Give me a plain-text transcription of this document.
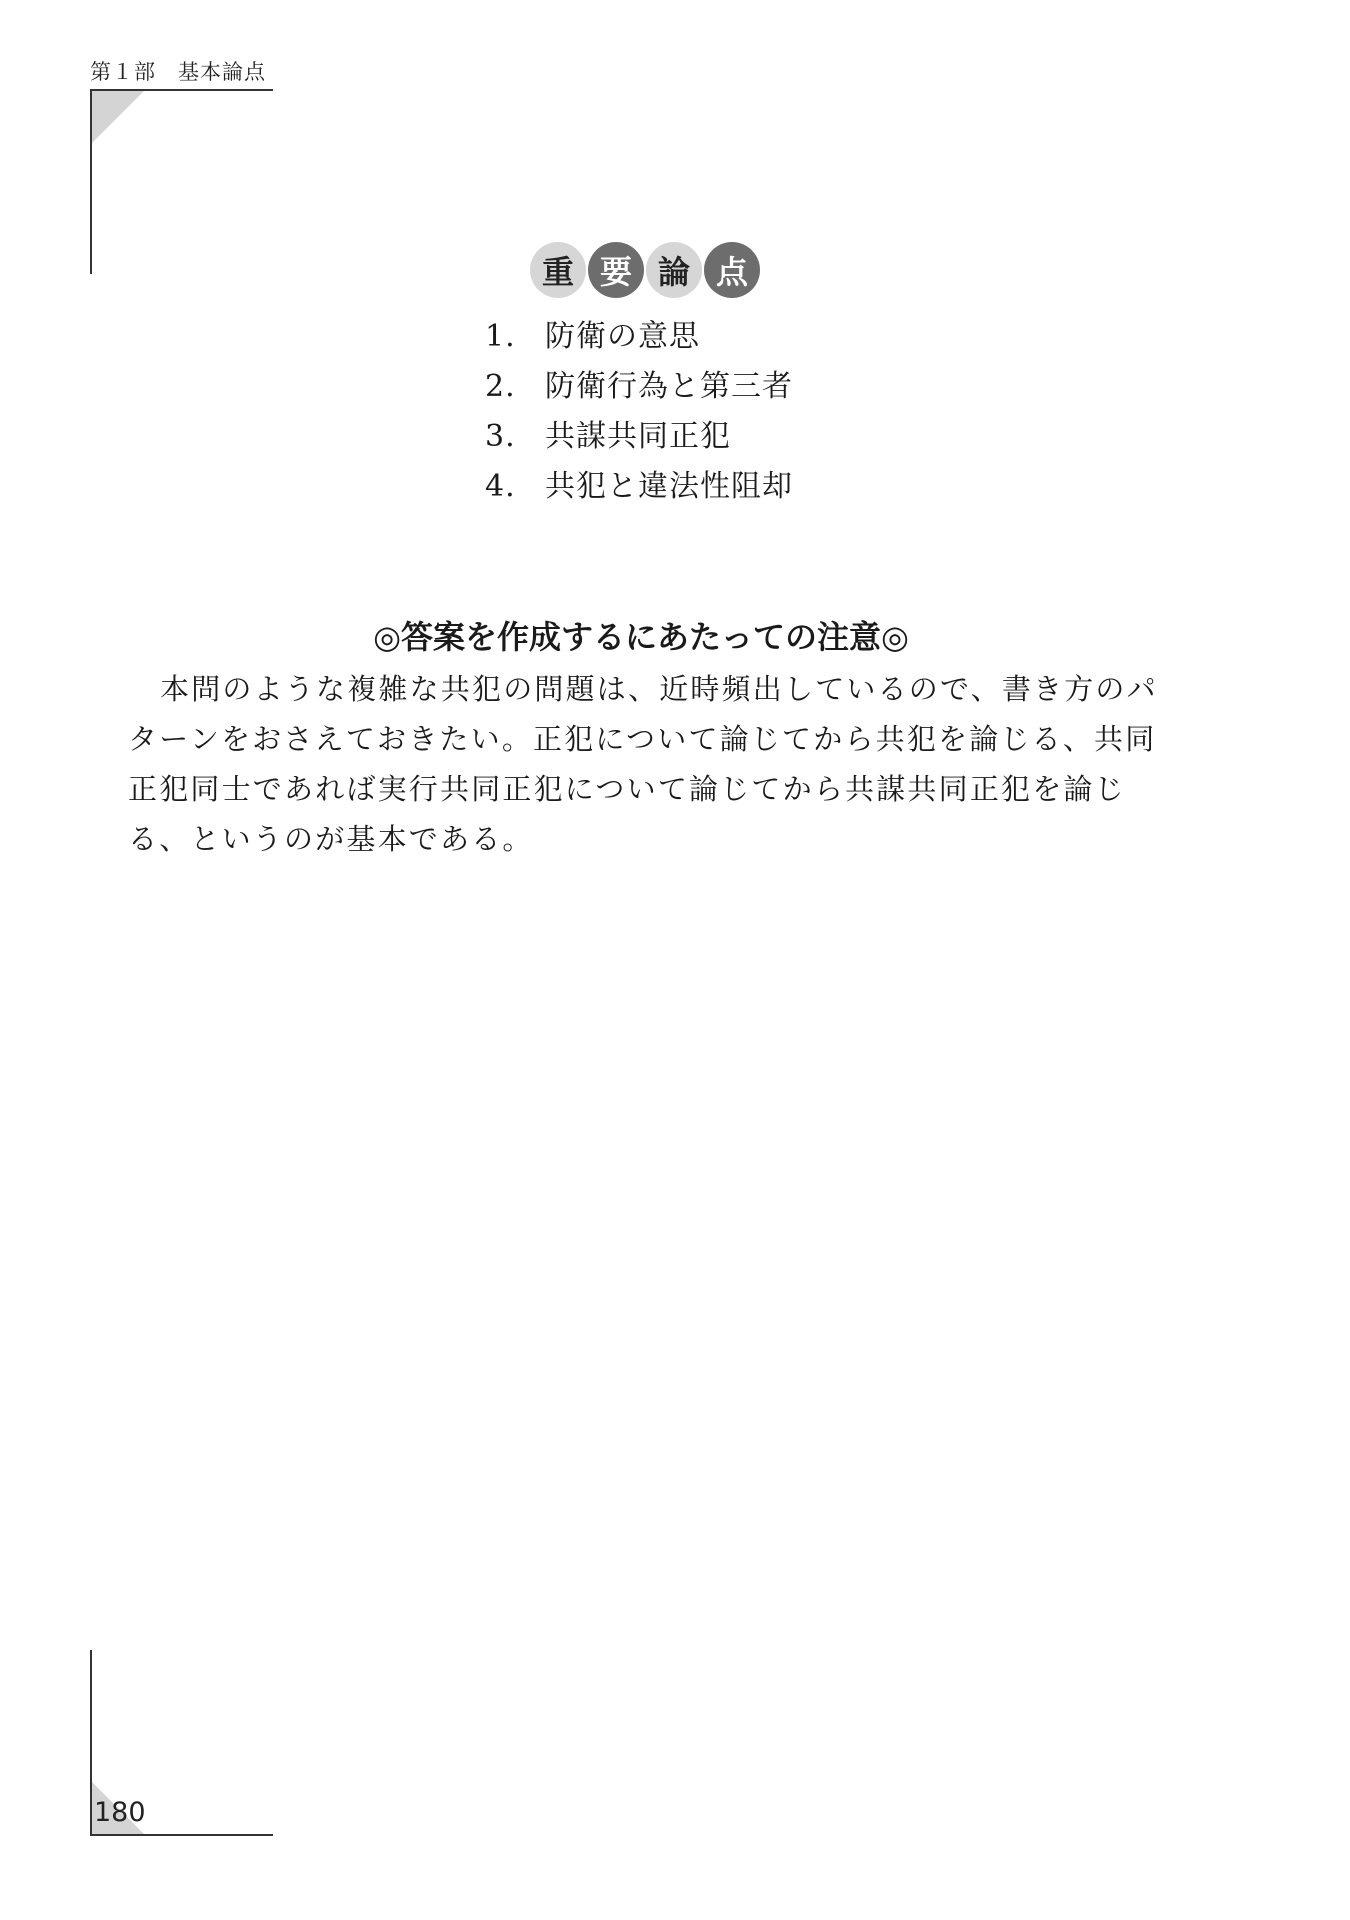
第１部　基本論点
重 要 論 点
1. 防衛の意思
2. 防衛行為と第三者
3. 共謀共同正犯
4. 共犯と違法性阻却
◎答案を作成するにあたっての注意◎

本問のような複雑な共犯の問題は、近時頻出しているので、書き方のパターンをおさえておきたい。正犯について論じてから共犯を論じる、共同正犯同士であれば実行共同正犯について論じてから共謀共同正犯を論じる、というのが基本である。

180
